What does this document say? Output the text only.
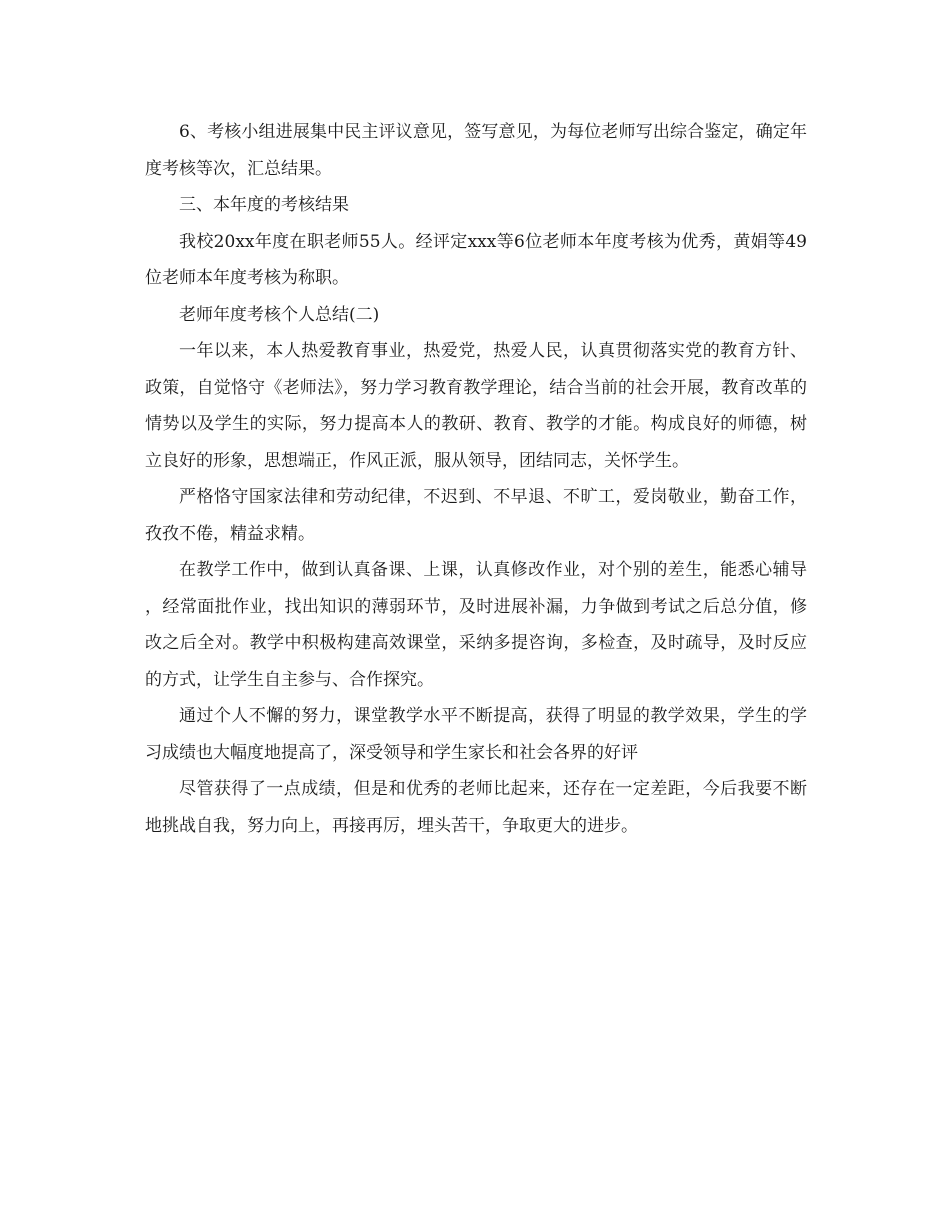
6、考核小组进展集中民主评议意见，签写意见，为每位老师写出综合鉴定，确定年度考核等次，汇总结果。

三、本年度的考核结果

我校20xx年度在职老师55人。经评定xxx等6位老师本年度考核为优秀，黄娟等49位老师本年度考核为称职。

老师年度考核个人总结(二)

一年以来，本人热爱教育事业，热爱党，热爱人民，认真贯彻落实党的教育方针、政策，自觉恪守《老师法》，努力学习教育教学理论，结合当前的社会开展，教育改革的情势以及学生的实际，努力提高本人的教研、教育、教学的才能。构成良好的师德，树立良好的形象，思想端正，作风正派，服从领导，团结同志，关怀学生。

严格恪守国家法律和劳动纪律，不迟到、不早退、不旷工，爱岗敬业，勤奋工作，孜孜不倦，精益求精。

在教学工作中，做到认真备课、上课，认真修改作业，对个别的差生，能悉心辅导，经常面批作业，找出知识的薄弱环节，及时进展补漏，力争做到考试之后总分值，修改之后全对。教学中积极构建高效课堂，采纳多提咨询，多检查，及时疏导，及时反应的方式，让学生自主参与、合作探究。

通过个人不懈的努力，课堂教学水平不断提高，获得了明显的教学效果，学生的学习成绩也大幅度地提高了，深受领导和学生家长和社会各界的好评

尽管获得了一点成绩，但是和优秀的老师比起来，还存在一定差距，今后我要不断地挑战自我，努力向上，再接再厉，埋头苦干，争取更大的进步。
